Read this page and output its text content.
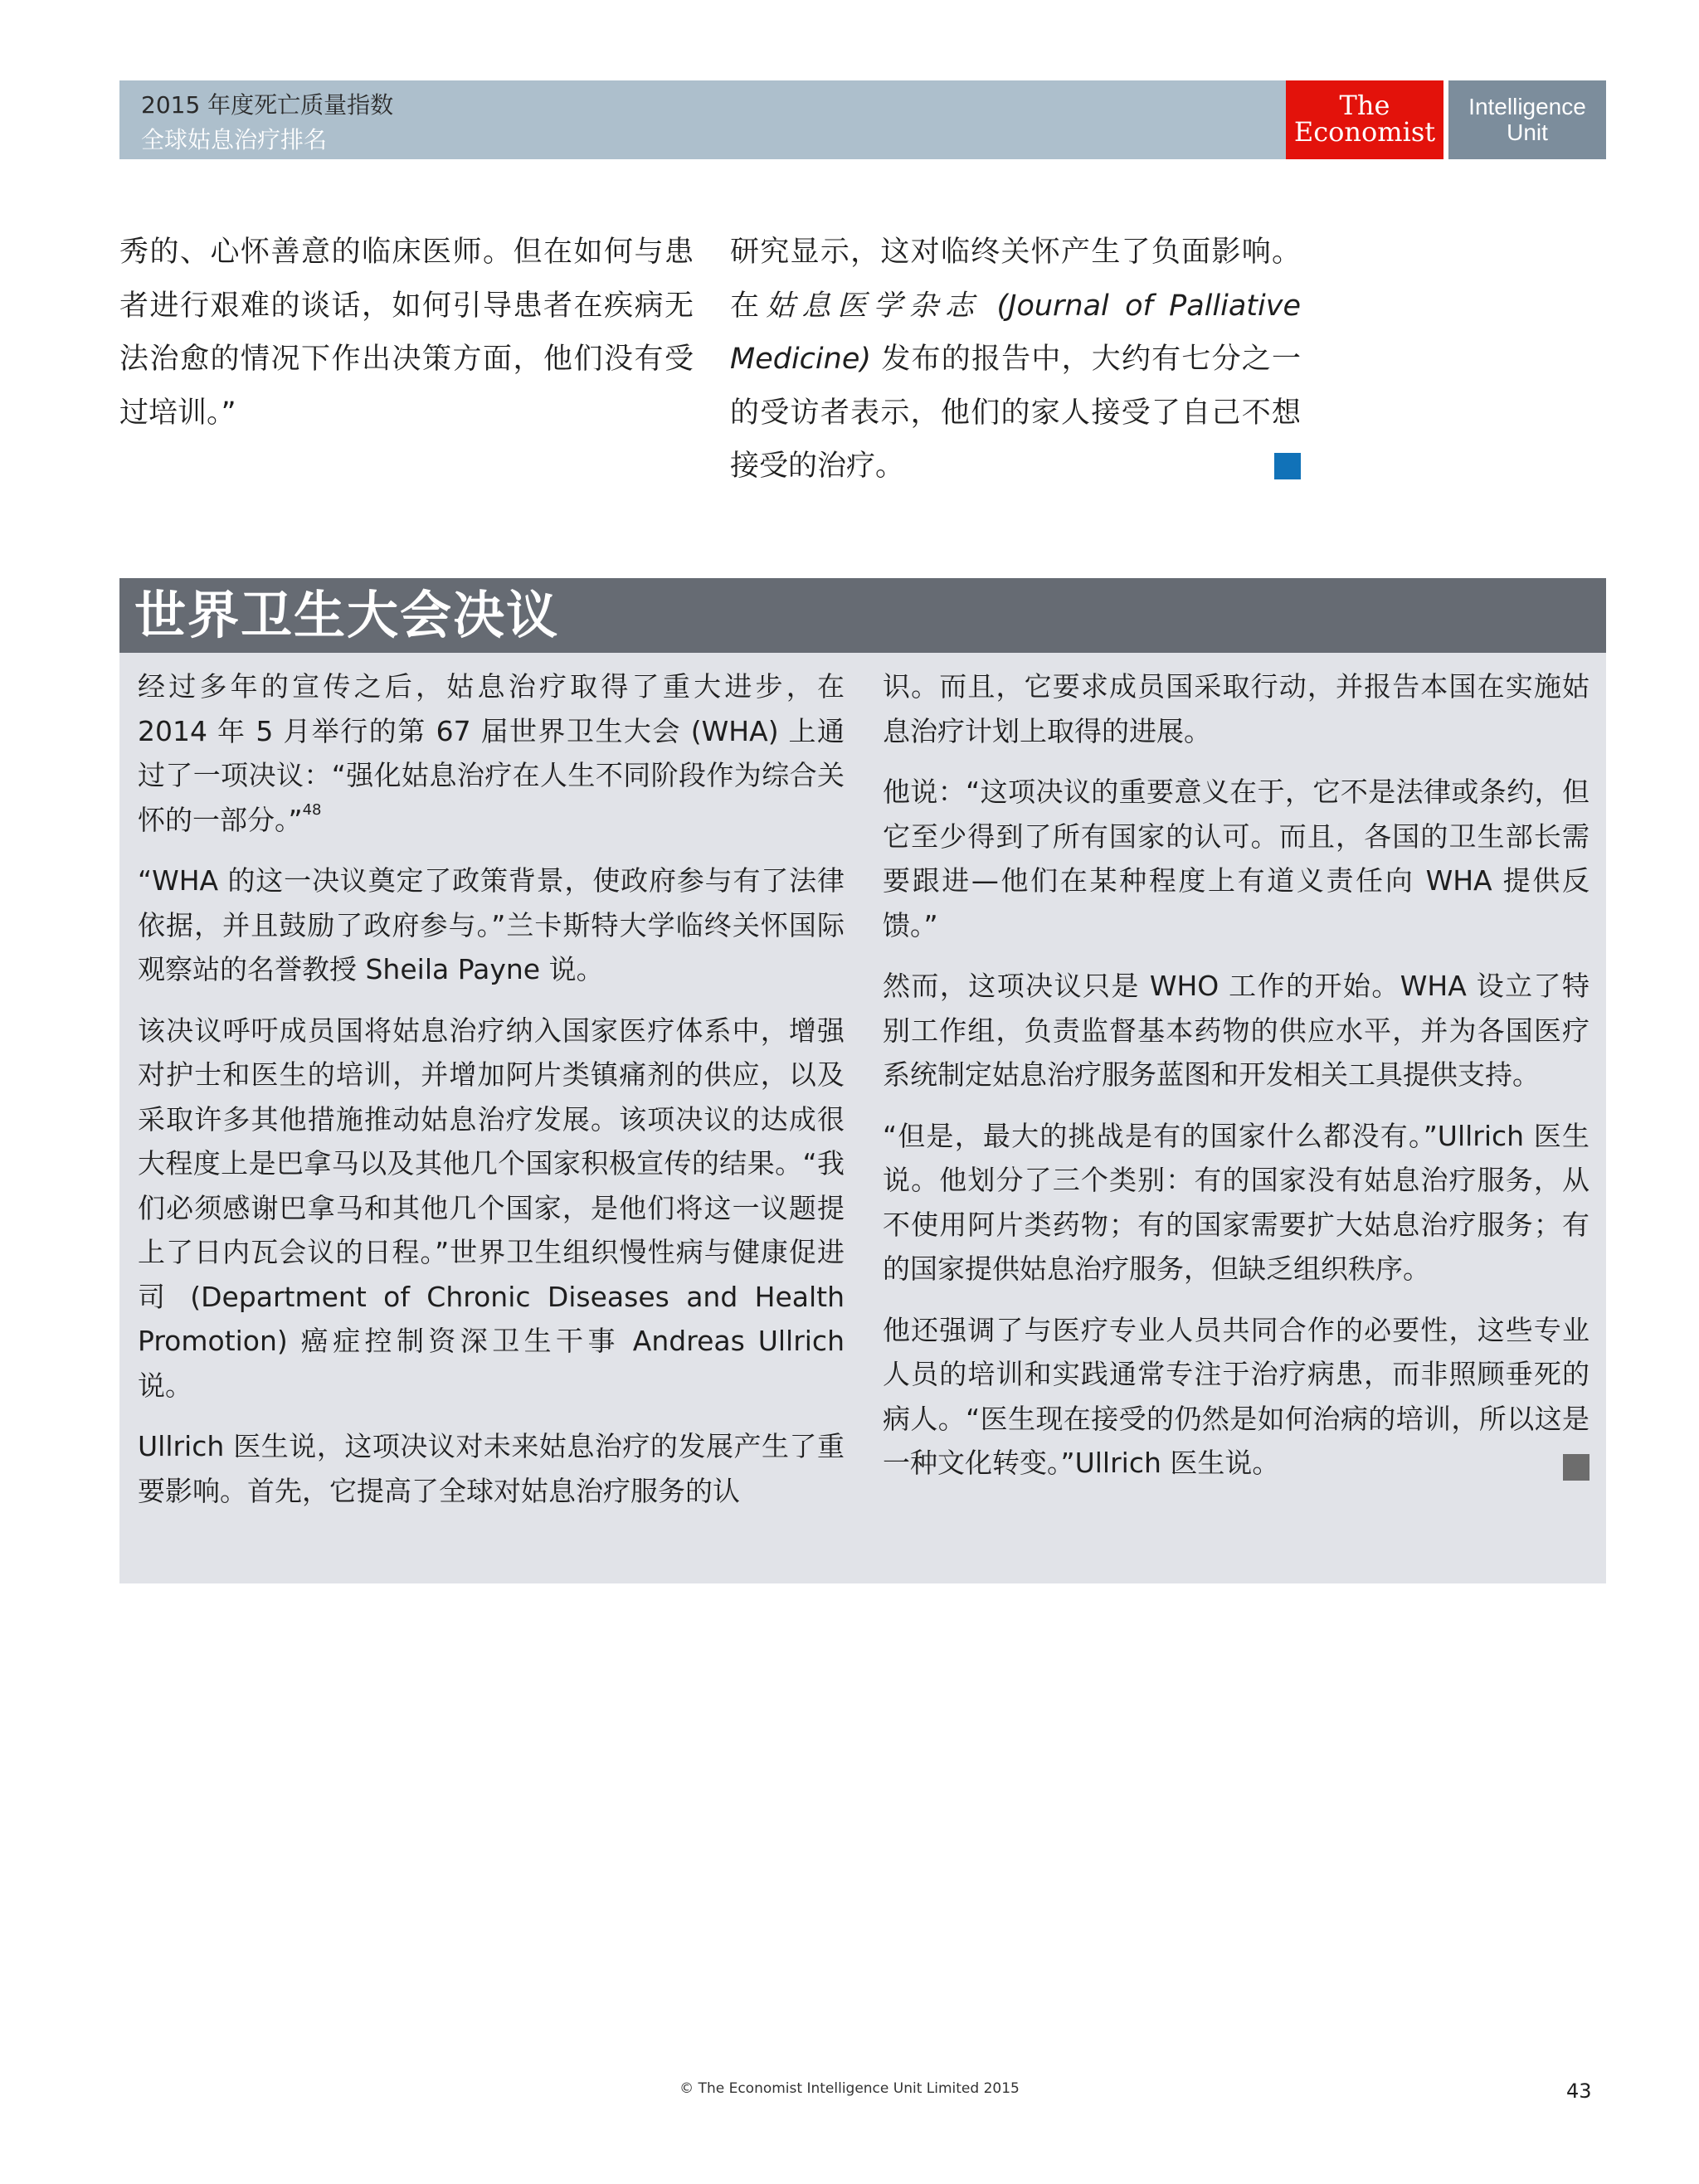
2015 年度死亡质量指数
全球姑息治疗排名
The
Economist
Intelligence
Unit

秀的、心怀善意的临床医师。但在如何与患者进行艰难的谈话，如何引导患者在疾病无法治愈的情况下作出决策方面，他们没有受过培训。”

研究显示，这对临终关怀产生了负面影响。在姑息医学杂志 (Journal of Palliative Medicine) 发布的报告中，大约有七分之一的受访者表示，他们的家人接受了自己不想接受的治疗。

世界卫生大会决议

经过多年的宣传之后，姑息治疗取得了重大进步，在 2014 年 5 月举行的第 67 届世界卫生大会 (WHA) 上通过了一项决议：“强化姑息治疗在人生不同阶段作为综合关怀的一部分。”$^{48}$

“WHA 的这一决议奠定了政策背景，使政府参与有了法律依据，并且鼓励了政府参与。”兰卡斯特大学临终关怀国际观察站的名誉教授 Sheila Payne 说。

该决议呼吁成员国将姑息治疗纳入国家医疗体系中，增强对护士和医生的培训，并增加阿片类镇痛剂的供应，以及采取许多其他措施推动姑息治疗发展。该项决议的达成很大程度上是巴拿马以及其他几个国家积极宣传的结果。“我们必须感谢巴拿马和其他几个国家，是他们将这一议题提上了日内瓦会议的日程。”世界卫生组织慢性病与健康促进司 (Department of Chronic Diseases and Health Promotion) 癌症控制资深卫生干事 Andreas Ullrich 说。

Ullrich 医生说，这项决议对未来姑息治疗的发展产生了重要影响。首先，它提高了全球对姑息治疗服务的认

识。而且，它要求成员国采取行动，并报告本国在实施姑息治疗计划上取得的进展。

他说：“这项决议的重要意义在于，它不是法律或条约，但它至少得到了所有国家的认可。而且，各国的卫生部长需要跟进—他们在某种程度上有道义责任向 WHA 提供反馈。”

然而，这项决议只是 WHO 工作的开始。WHA 设立了特别工作组，负责监督基本药物的供应水平，并为各国医疗系统制定姑息治疗服务蓝图和开发相关工具提供支持。

“但是，最大的挑战是有的国家什么都没有。”Ullrich 医生说。他划分了三个类别：有的国家没有姑息治疗服务，从不使用阿片类药物；有的国家需要扩大姑息治疗服务；有的国家提供姑息治疗服务，但缺乏组织秩序。

他还强调了与医疗专业人员共同合作的必要性，这些专业人员的培训和实践通常专注于治疗病患，而非照顾垂死的病人。“医生现在接受的仍然是如何治病的培训，所以这是一种文化转变。”Ullrich 医生说。

© The Economist Intelligence Unit Limited 2015	43
